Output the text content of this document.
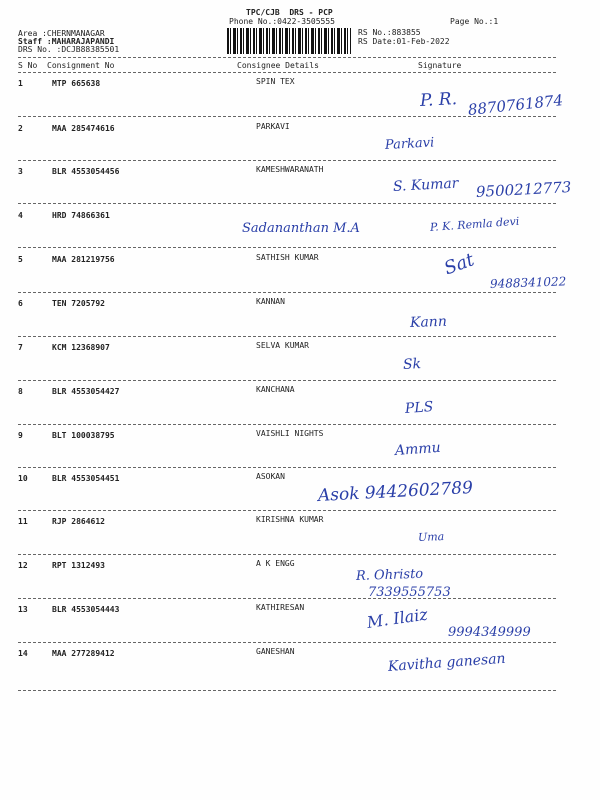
TPC/CJB  DRS - PCP
Phone No.:0422-3505555
Area :CHERNMANAGAR
Staff :MAHARAJAPANDI
DRS No. :DCJB88385501
RS No.:883855
RS Date:01-Feb-2022
Page No.:1
S No Consignment No	Consignee Details	Signature
1	MTP 665638	SPIN TEX
P. R. 8870761874
2	MAA 285474616	PARKAVI
Parkavi
3	BLR 4553054456	KAMESHWARANATH
S. Kumar 9500212773
4	HRD 74866361
Sadananthan M.A	P. K. Remla devi
5	MAA 281219756	SATHISH KUMAR	Sat
9488341022
6	TEN 7205792	KANNAN
Kann
7	KCM 12368907	SELVA KUMAR
Sk
8	BLR 4553054427	KANCHANA
PLS
9	BLT 100038795	VAISHLI NIGHTS
Ammu
10	BLR 4553054451	ASOKAN
Asok 9442602789
11	RJP 2864612	KIRISHNA KUMAR
Uma
12	RPT 1312493	A K ENGG
R. Ohristo
7339555753
13	BLR 4553054443	KATHIRESAN	M. Ilaiz
9994349999
14	MAA 277289412	GANESHAN	Kavitha ganesan
